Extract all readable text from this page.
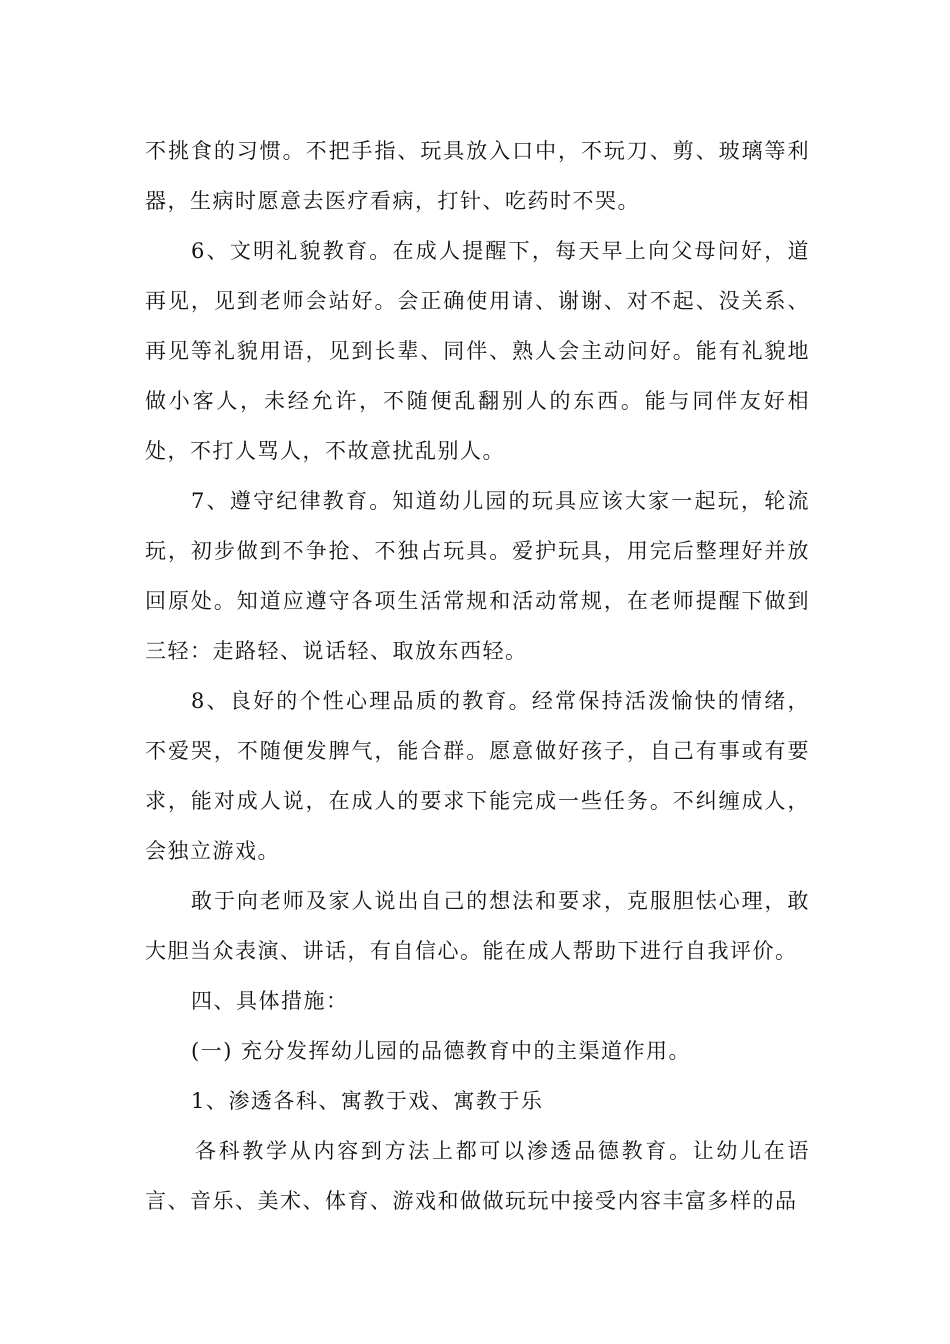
不挑食的习惯。不把手指、玩具放入口中，不玩刀、剪、玻璃等利器，生病时愿意去医疗看病，打针、吃药时不哭。

6、文明礼貌教育。在成人提醒下，每天早上向父母问好，道再见，见到老师会站好。会正确使用请、谢谢、对不起、没关系、再见等礼貌用语，见到长辈、同伴、熟人会主动问好。能有礼貌地做小客人，未经允许，不随便乱翻别人的东西。能与同伴友好相处，不打人骂人，不故意扰乱别人。

7、遵守纪律教育。知道幼儿园的玩具应该大家一起玩，轮流玩，初步做到不争抢、不独占玩具。爱护玩具，用完后整理好并放回原处。知道应遵守各项生活常规和活动常规，在老师提醒下做到三轻：走路轻、说话轻、取放东西轻。

8、良好的个性心理品质的教育。经常保持活泼愉快的情绪，不爱哭，不随便发脾气，能合群。愿意做好孩子，自己有事或有要求，能对成人说，在成人的要求下能完成一些任务。不纠缠成人，会独立游戏。

敢于向老师及家人说出自己的想法和要求，克服胆怯心理，敢大胆当众表演、讲话，有自信心。能在成人帮助下进行自我评价。

四、具体措施：

(一) 充分发挥幼儿园的品德教育中的主渠道作用。

1、渗透各科、寓教于戏、寓教于乐

各科教学从内容到方法上都可以渗透品德教育。让幼儿在语言、音乐、美术、体育、游戏和做做玩玩中接受内容丰富多样的品
